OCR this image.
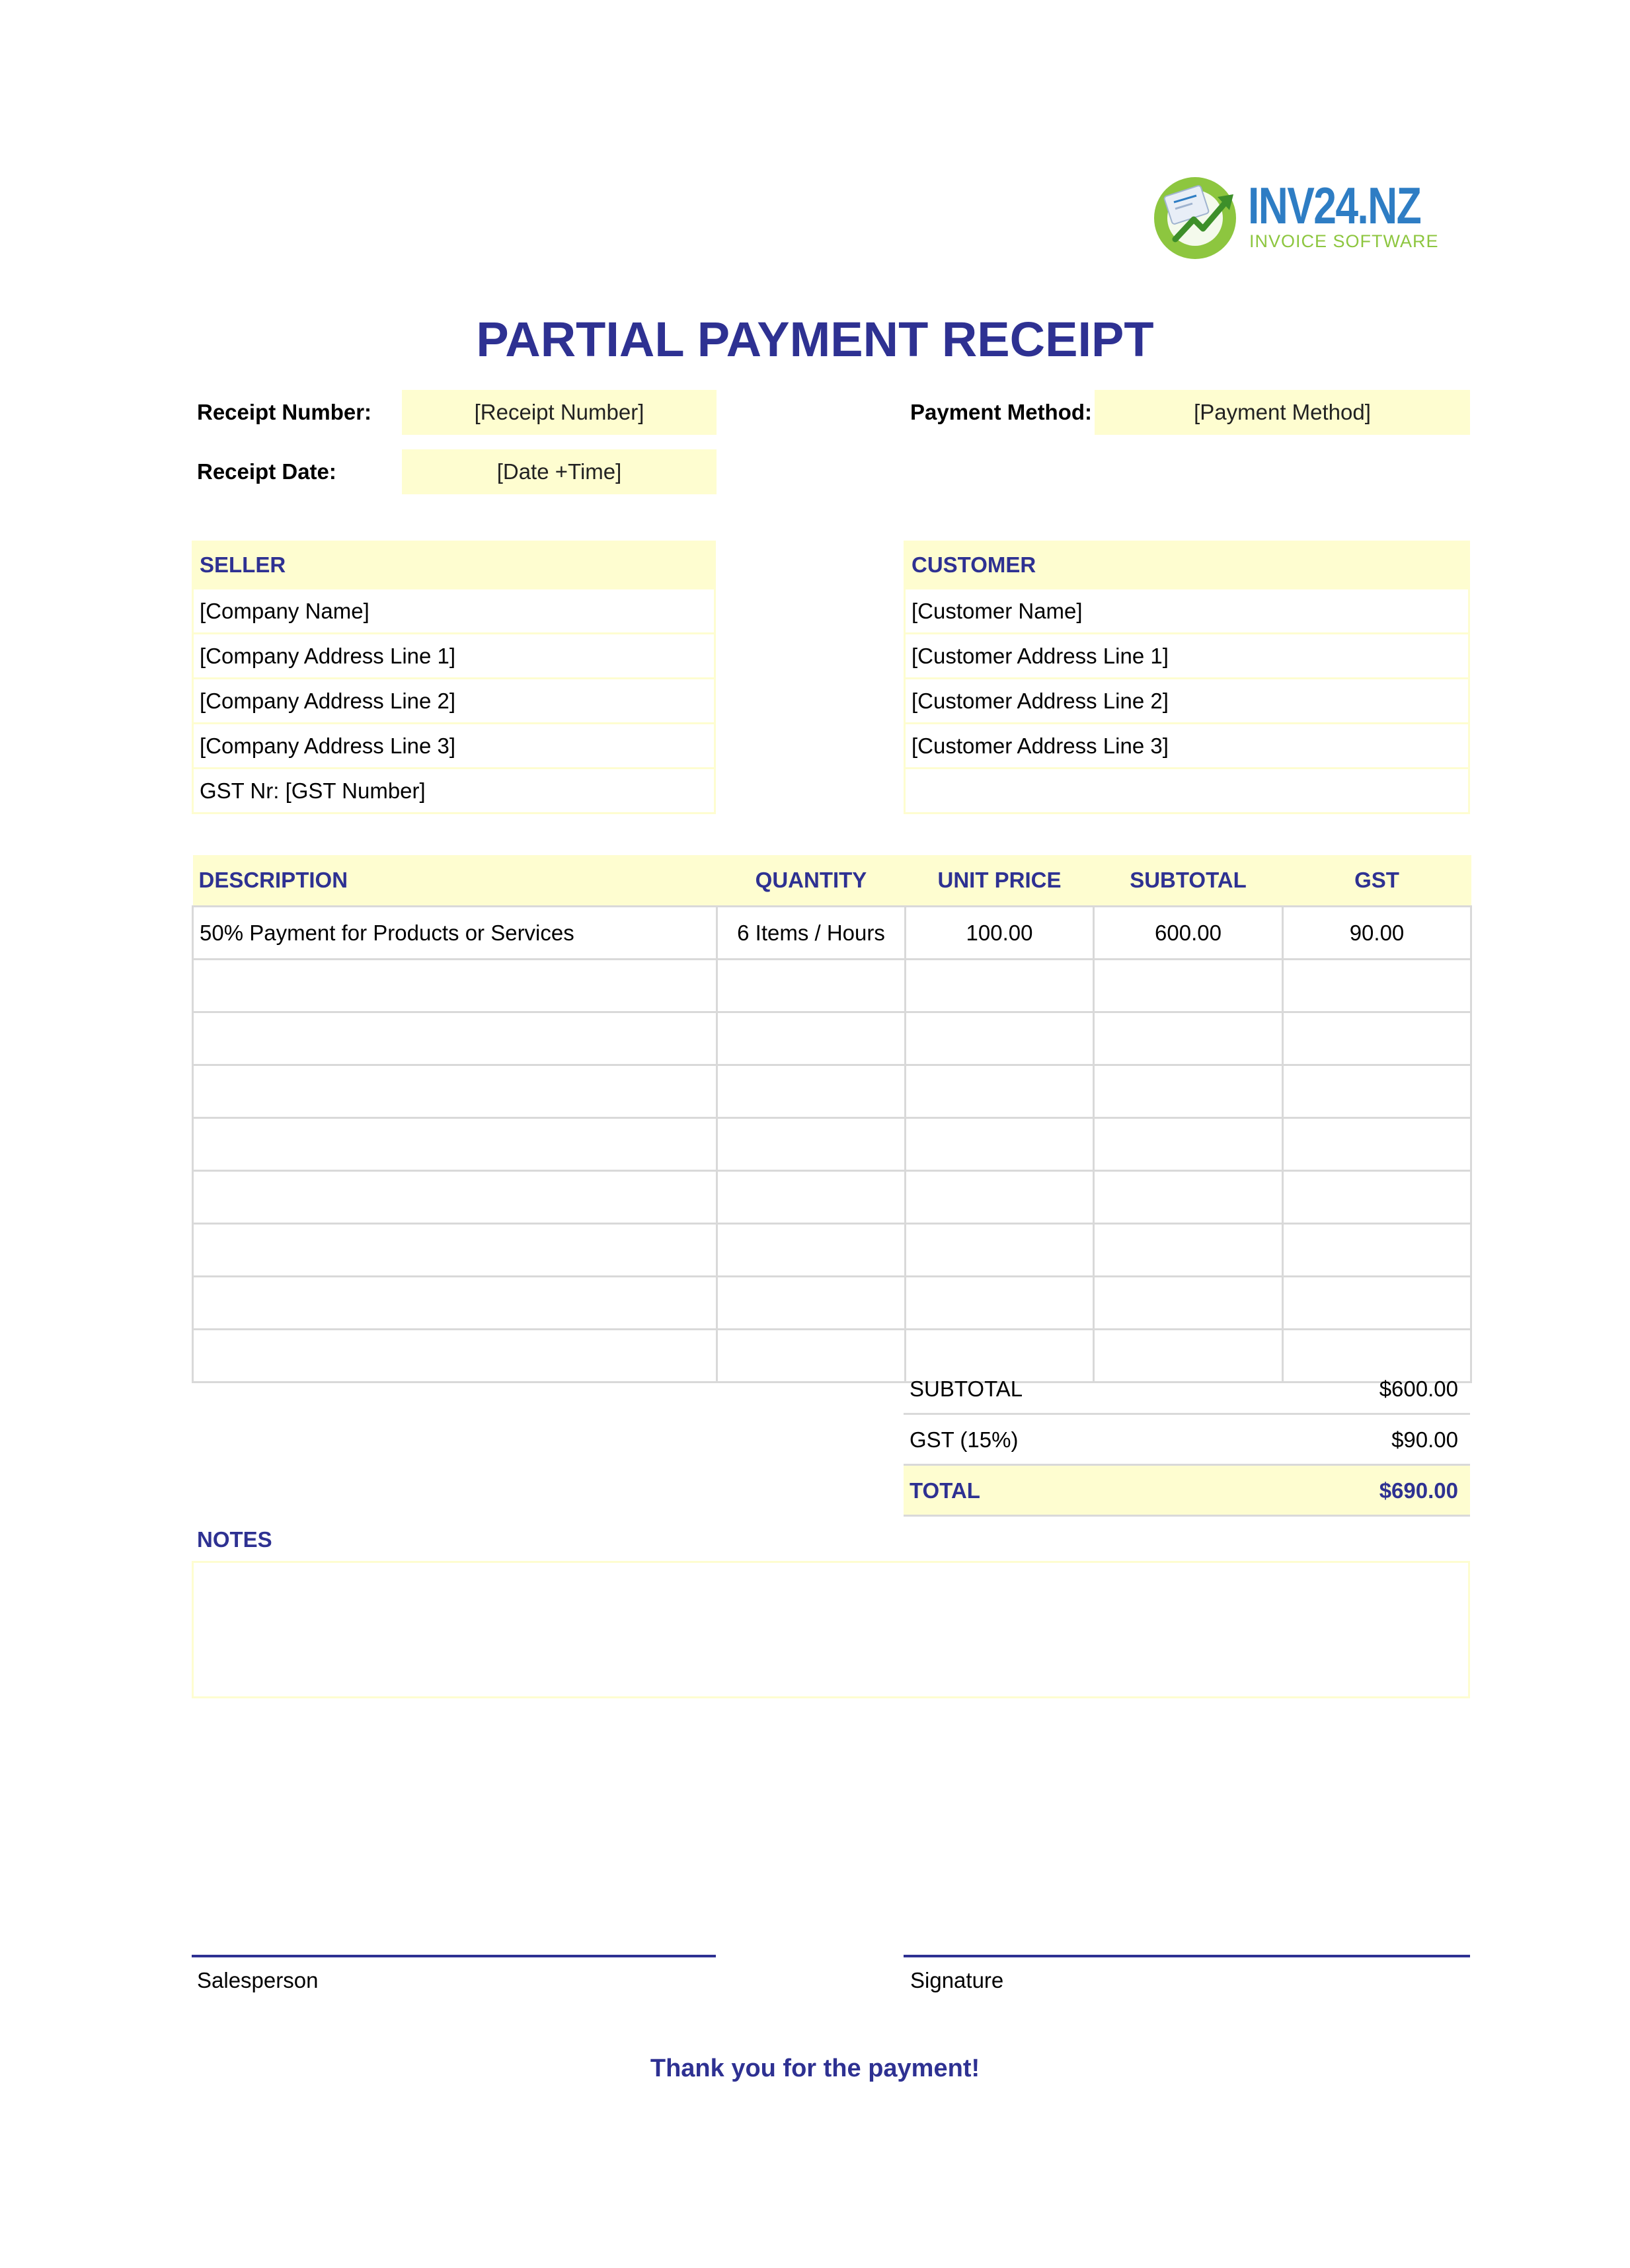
INV24.NZ
INVOICE SOFTWARE
PARTIAL PAYMENT RECEIPT
Receipt Number:	[Receipt Number]
Receipt Date:	[Date +Time]
Payment Method:	[Payment Method]
SELLER
[Company Name]
[Company Address Line 1]
[Company Address Line 2]
[Company Address Line 3]
GST Nr: [GST Number]
CUSTOMER
[Customer Name]
[Customer Address Line 1]
[Customer Address Line 2]
[Customer Address Line 3]
DESCRIPTION	QUANTITY	UNIT PRICE	SUBTOTAL	GST
50% Payment for Products or Services	6 Items / Hours	100.00	600.00	90.00

SUBTOTAL	$600.00
GST (15%)	$90.00
TOTAL	$690.00
NOTES
Salesperson	Signature
Thank you for the payment!
